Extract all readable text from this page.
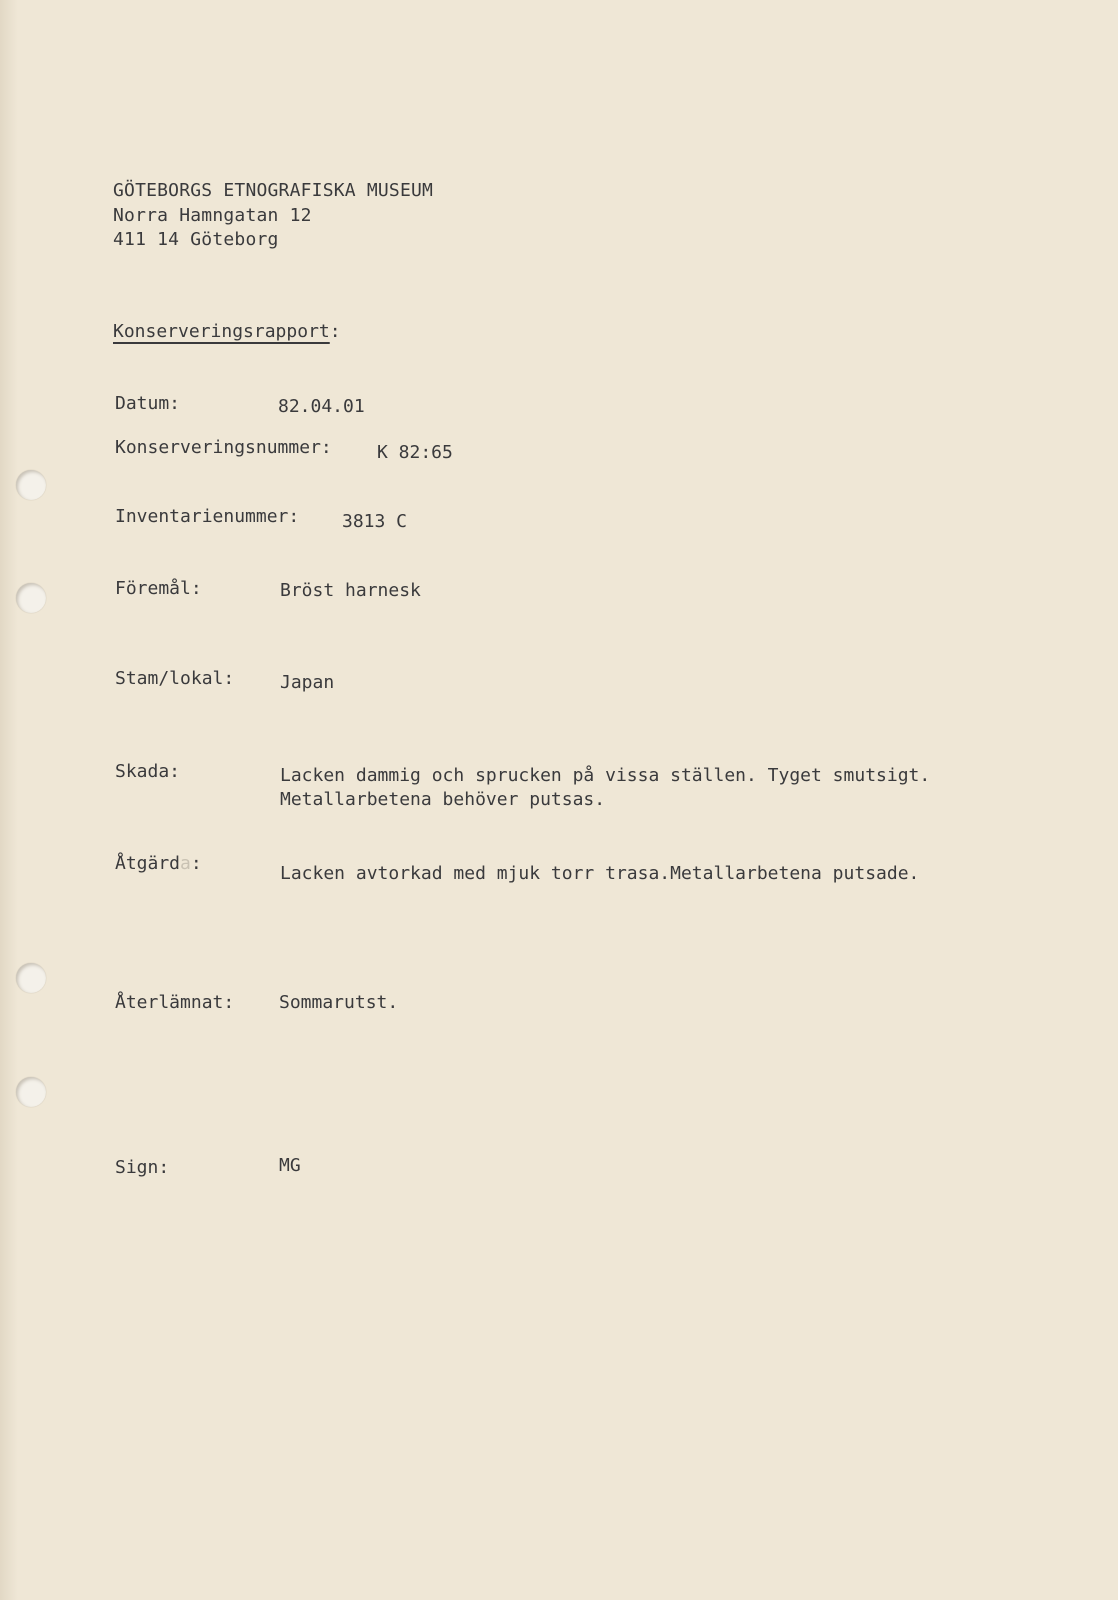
GÖTEBORGS ETNOGRAFISKA MUSEUM
Norra Hamngatan 12
411 14 Göteborg
Konserveringsrapport:
Datum:	82.04.01
Konserveringsnummer:	K 82:65
Inventarienummer: 3813 C
Föremål:	Bröst harnesk
Stam/lokal:	Japan
Skada:	Lacken dammig och sprucken på vissa ställen. Tyget smutsigt.
Metallarbetena behöver putsas.
Åtgärda:	Lacken avtorkad med mjuk torr trasa.Metallarbetena putsade.
Återlämnat: Sommarutst.
Sign:	MG
